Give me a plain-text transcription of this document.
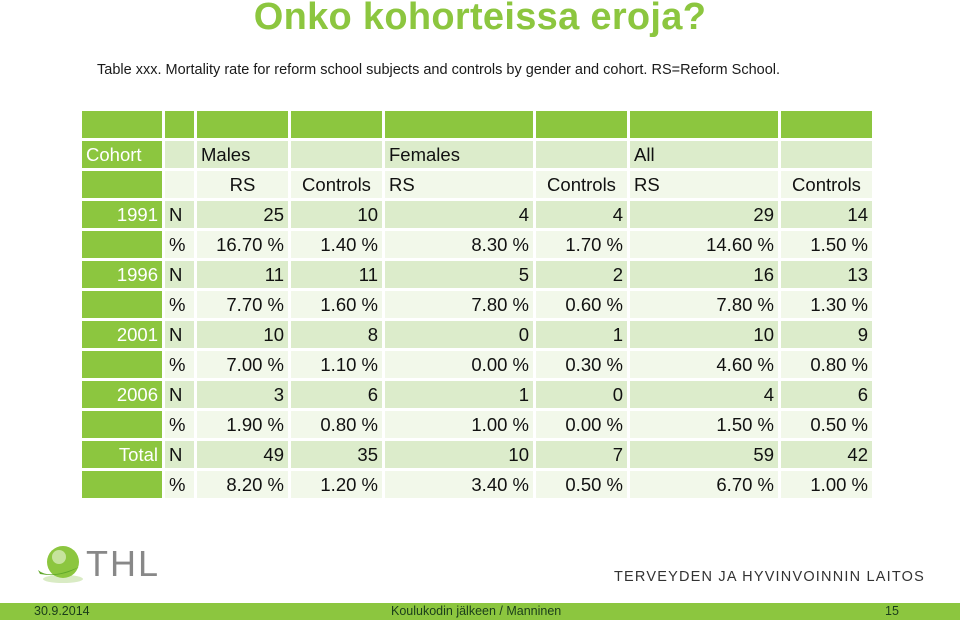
Onko kohorteissa eroja?
Table xxx. Mortality rate for reform school subjects and controls by gender and cohort. RS=Reform School.

Cohort		Males		Females		All	
		RS	Controls	RS	Controls	RS	Controls
1991	N	25	10	4	4	29	14
	%	16.70 %	1.40 %	8.30 %	1.70 %	14.60 %	1.50 %
1996	N	11	11	5	2	16	13
	%	7.70 %	1.60 %	7.80 %	0.60 %	7.80 %	1.30 %
2001	N	10	8	0	1	10	9
	%	7.00 %	1.10 %	0.00 %	0.30 %	4.60 %	0.80 %
2006	N	3	6	1	0	4	6
	%	1.90 %	0.80 %	1.00 %	0.00 %	1.50 %	0.50 %
Total	N	49	35	10	7	59	42
	%	8.20 %	1.20 %	3.40 %	0.50 %	6.70 %	1.00 %
THL	TERVEYDEN JA HYVINVOINNIN LAITOS
30.9.2014	Koulukodin jälkeen / Manninen	15
